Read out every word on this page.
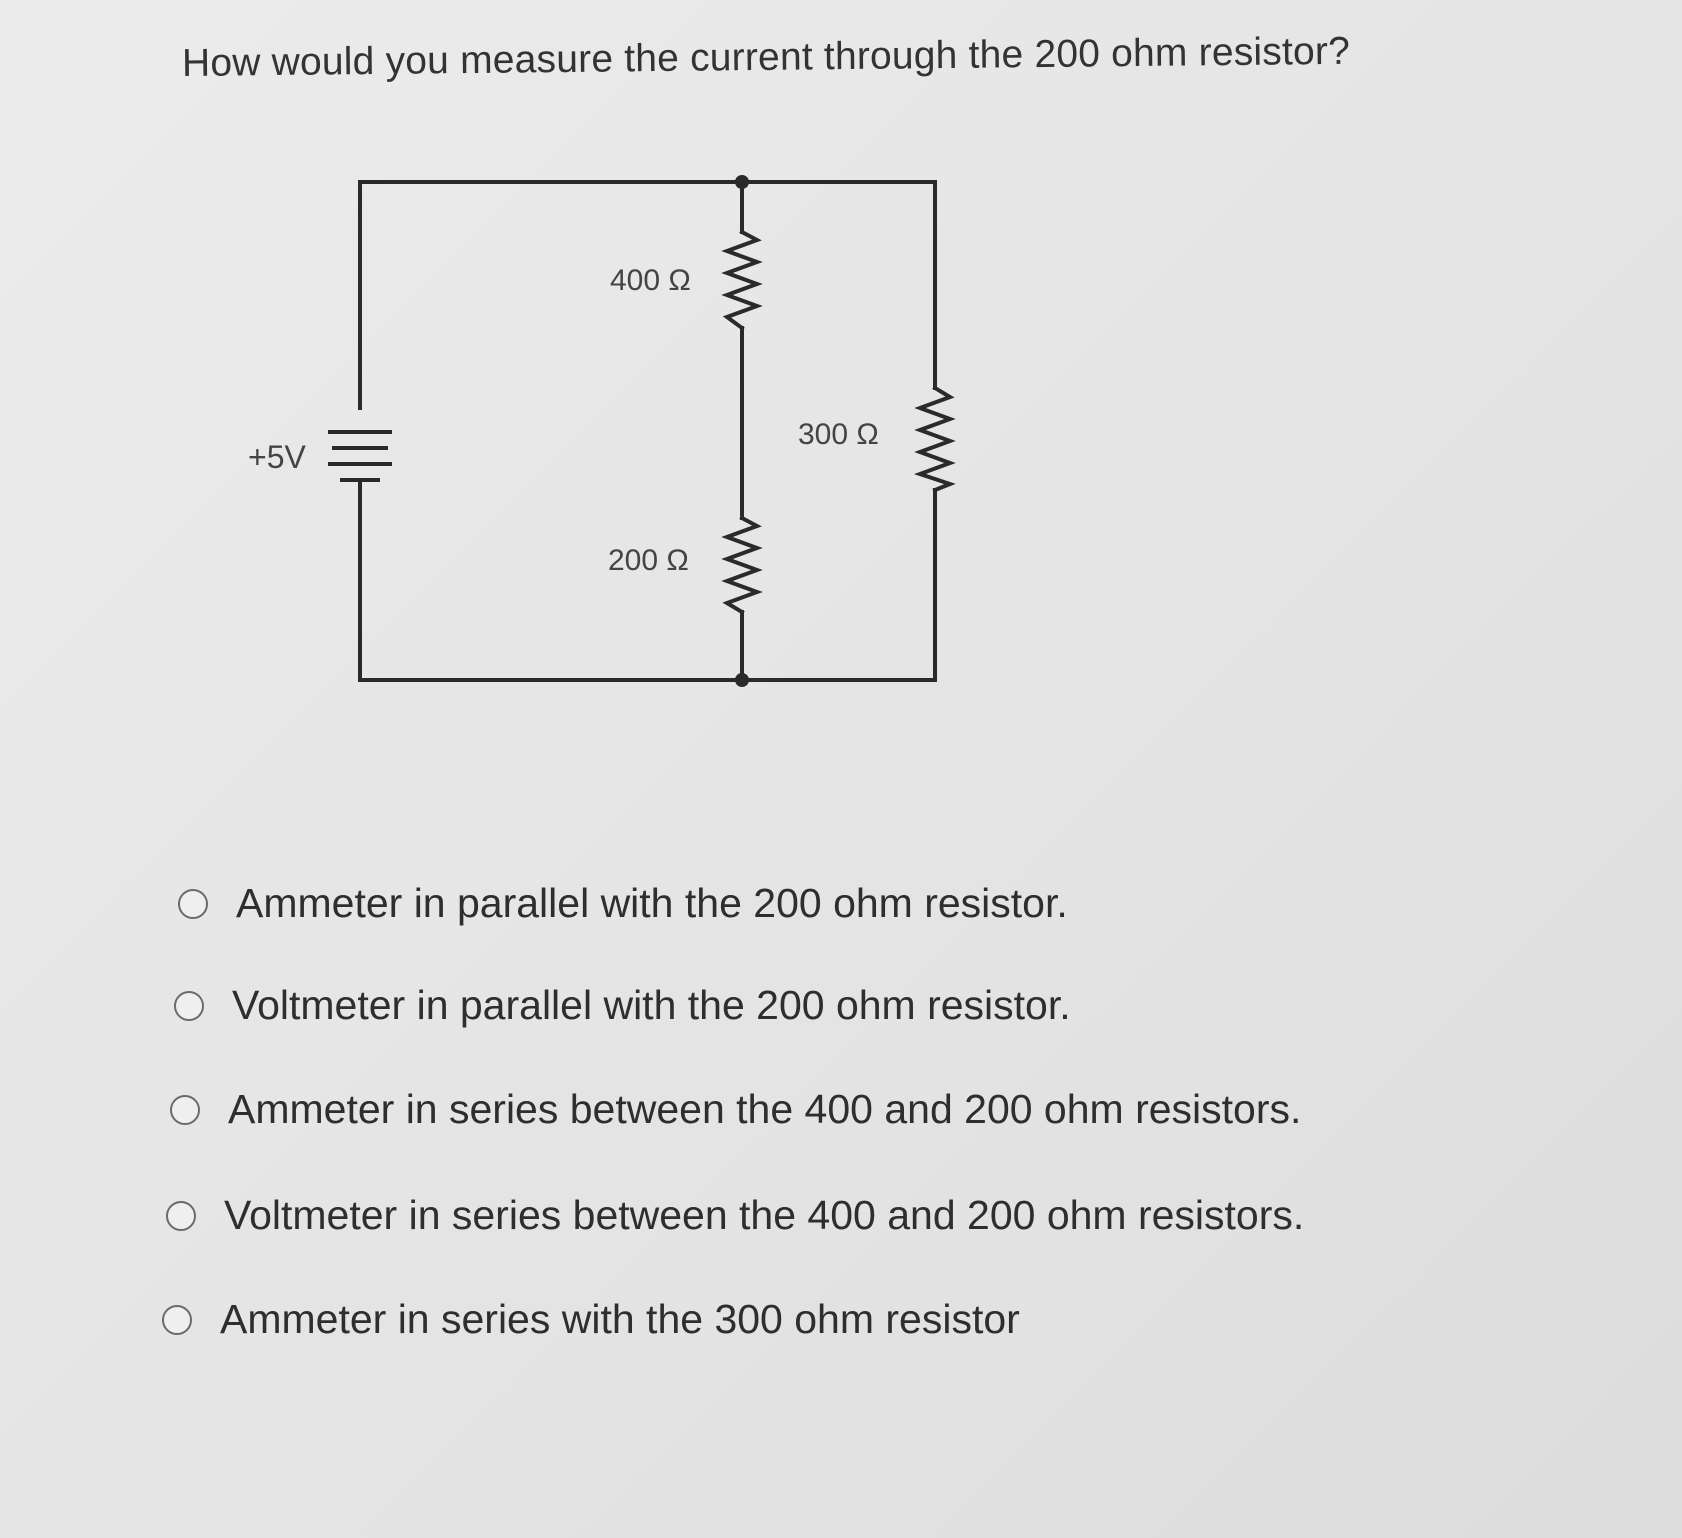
How would you measure the current through the 200 ohm resistor?
+5V
400 Ω
300 Ω
200 Ω
Ammeter in parallel with the 200 ohm resistor.
Voltmeter in parallel with the 200 ohm resistor.
Ammeter in series between the 400 and 200 ohm resistors.
Voltmeter in series between the 400 and 200 ohm resistors.
Ammeter in series with the 300 ohm resistor
